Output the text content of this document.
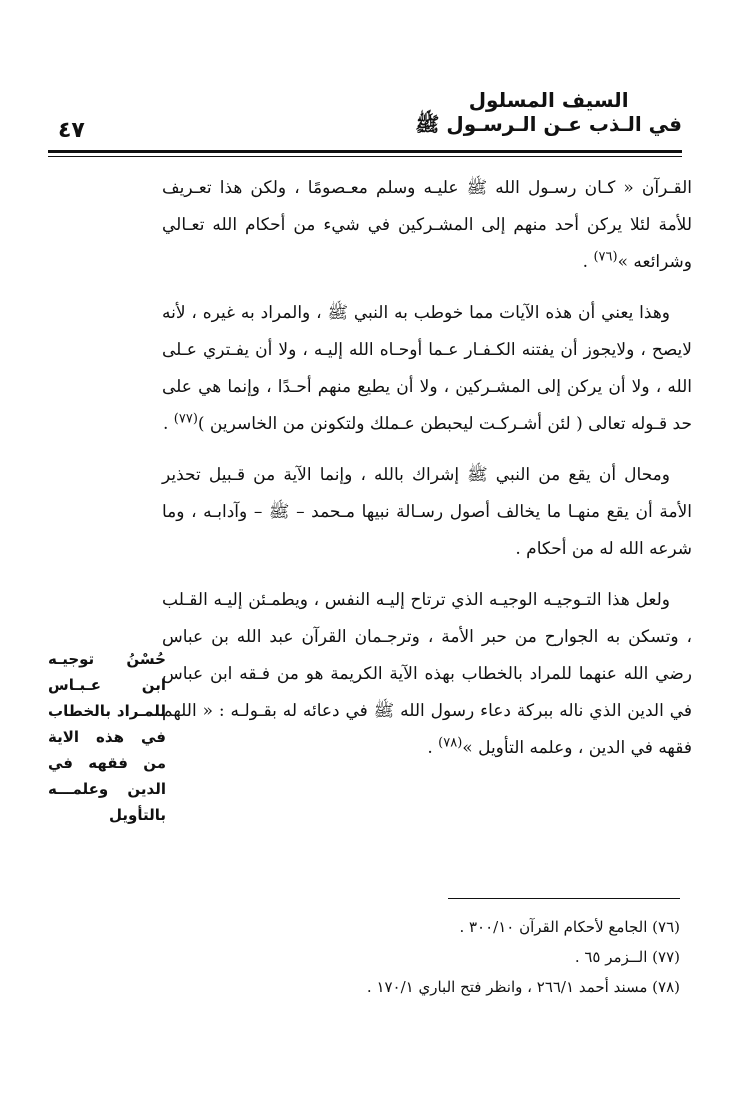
السيف المسلول
في الـذب عـن الـرسـول ﷺ
٤٧

القـرآن « كـان رسـول الله ﷺ عليـه وسلم معـصومًا ، ولكن هذا تعـريف للأمة لئلا يركن أحد منهم إلى المشـركين في شيء من أحكام الله تعـالي وشرائعه »$^{(٧٦)}$ .

وهذا يعني أن هذه الآيات مما خوطب به النبي ﷺ ، والمراد به غيره ، لأنه لايصح ، ولايجوز أن يفتنه الكـفـار عـما أوحـاه الله إليـه ، ولا أن يفـتري عـلى الله ، ولا أن يركن إلى المشـركين ، ولا أن يطيع منهم أحـدًا ، وإنما هي على حد قـوله تعالى ( لئن أشـركـت ليحبطن عـملك ولتكونن من الخاسرين )$^{(٧٧)}$ .

ومحال أن يقع من النبي ﷺ إشراك بالله ، وإنما الآية من قـبيل تحذير الأمة أن يقع منهـا ما يخالف أصول رسـالة نبيها مـحمد – ﷺ – وآدابـه ، وما شرعه الله له من أحكام .

ولعل هذا التـوجيـه الوجيـه الذي ترتاح إليـه النفس ، ويطمـئن إليـه القـلب ، وتسكن به الجوارح من حبر الأمة ، وترجـمان القرآن عبد الله بن عباس رضي الله عنهما للمراد بالخطاب بهذه الآية الكريمة هو من فـقه ابن عباس في الدين الذي ناله ببركة دعاء رسول الله ﷺ في دعائه له بقـولـه : « اللهم فقهه في الدين ، وعلمه التأويل »$^{(٧٨)}$ .

حُسْنُ توجيـه ابن عـبـاس للمـراد بالخطاب في هذه الاية من فقهه في الدين وعلمـــه بالتأويل
(٧٦) الجامع لأحكام القرآن ٣٠٠/١٠ .
(٧٧) الــزمر ٦٥ .
(٧٨) مسند أحمد ٢٦٦/١ ، وانظر فتح الباري ١٧٠/١ .
